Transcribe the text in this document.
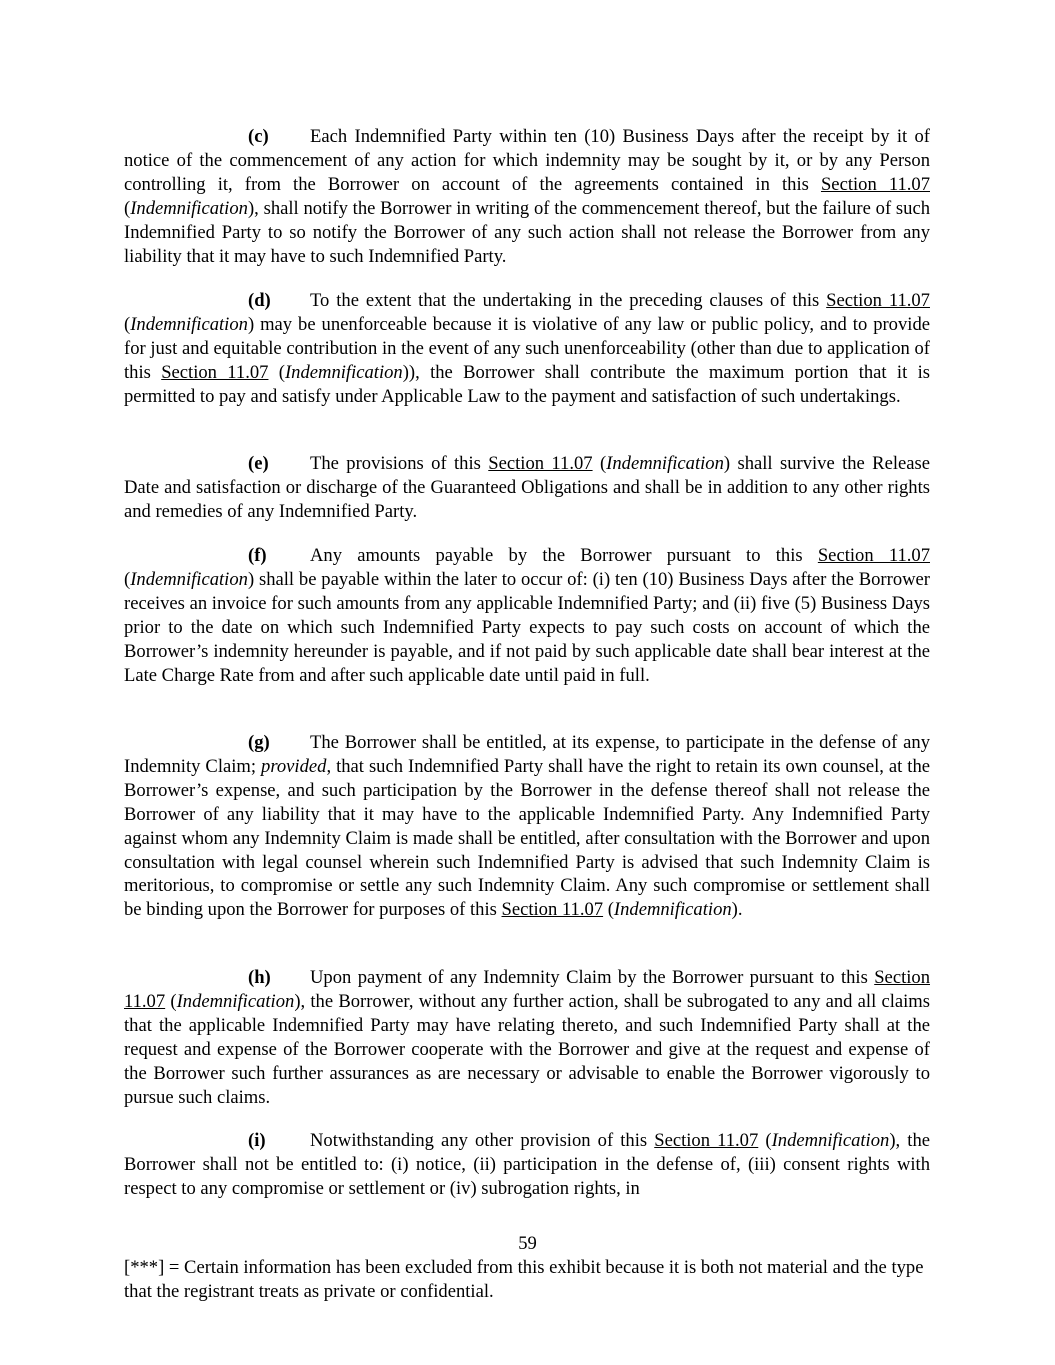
(c) Each Indemnified Party within ten (10) Business Days after the receipt by it of notice of the commencement of any action for which indemnity may be sought by it, or by any Person controlling it, from the Borrower on account of the agreements contained in this Section 11.07 (Indemnification), shall notify the Borrower in writing of the commencement thereof, but the failure of such Indemnified Party to so notify the Borrower of any such action shall not release the Borrower from any liability that it may have to such Indemnified Party.

(d) To the extent that the undertaking in the preceding clauses of this Section 11.07 (Indemnification) may be unenforceable because it is violative of any law or public policy, and to provide for just and equitable contribution in the event of any such unenforceability (other than due to application of this Section 11.07 (Indemnification)), the Borrower shall contribute the maximum portion that it is permitted to pay and satisfy under Applicable Law to the payment and satisfaction of such undertakings.

(e) The provisions of this Section 11.07 (Indemnification) shall survive the Release Date and satisfaction or discharge of the Guaranteed Obligations and shall be in addition to any other rights and remedies of any Indemnified Party.

(f) Any amounts payable by the Borrower pursuant to this Section 11.07 (Indemnification) shall be payable within the later to occur of: (i) ten (10) Business Days after the Borrower receives an invoice for such amounts from any applicable Indemnified Party; and (ii) five (5) Business Days prior to the date on which such Indemnified Party expects to pay such costs on account of which the Borrower’s indemnity hereunder is payable, and if not paid by such applicable date shall bear interest at the Late Charge Rate from and after such applicable date until paid in full.

(g) The Borrower shall be entitled, at its expense, to participate in the defense of any Indemnity Claim; provided, that such Indemnified Party shall have the right to retain its own counsel, at the Borrower’s expense, and such participation by the Borrower in the defense thereof shall not release the Borrower of any liability that it may have to the applicable Indemnified Party. Any Indemnified Party against whom any Indemnity Claim is made shall be entitled, after consultation with the Borrower and upon consultation with legal counsel wherein such Indemnified Party is advised that such Indemnity Claim is meritorious, to compromise or settle any such Indemnity Claim. Any such compromise or settlement shall be binding upon the Borrower for purposes of this Section 11.07 (Indemnification).

(h) Upon payment of any Indemnity Claim by the Borrower pursuant to this Section 11.07 (Indemnification), the Borrower, without any further action, shall be subrogated to any and all claims that the applicable Indemnified Party may have relating thereto, and such Indemnified Party shall at the request and expense of the Borrower cooperate with the Borrower and give at the request and expense of the Borrower such further assurances as are necessary or advisable to enable the Borrower vigorously to pursue such claims.

(i) Notwithstanding any other provision of this Section 11.07 (Indemnification), the Borrower shall not be entitled to: (i) notice, (ii) participation in the defense of, (iii) consent rights with respect to any compromise or settlement or (iv) subrogation rights, in

59

[***] = Certain information has been excluded from this exhibit because it is both not material and the type that the registrant treats as private or confidential.
